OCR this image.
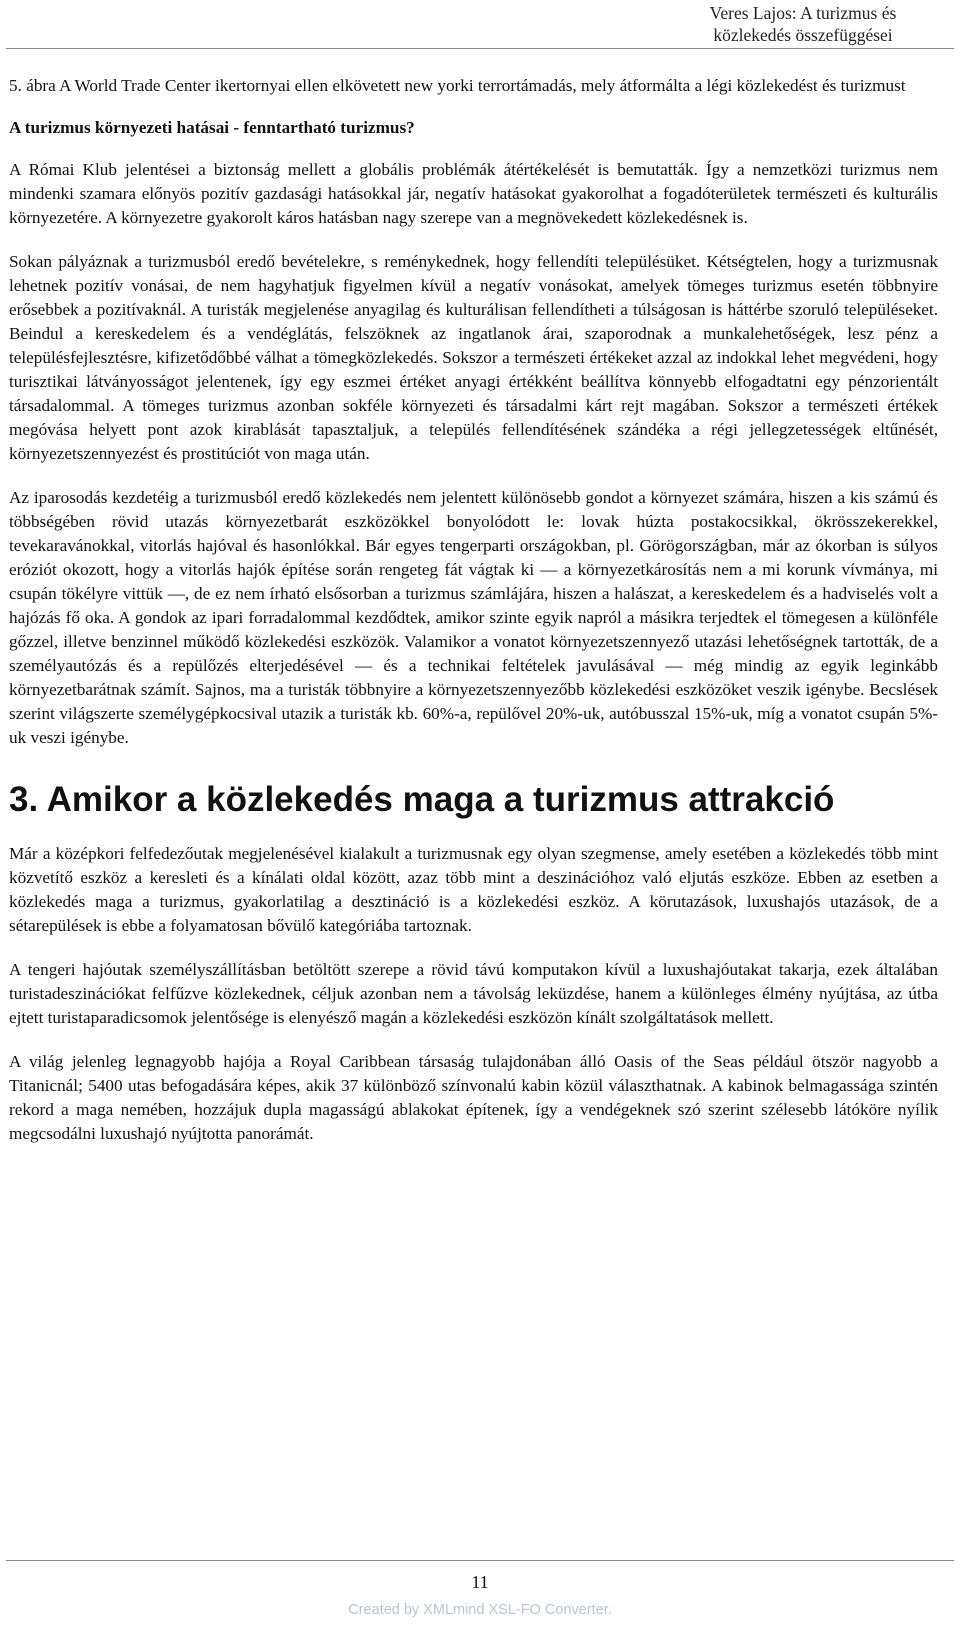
Veres Lajos: A turizmus és
közlekedés összefüggései

5. ábra A World Trade Center ikertornyai ellen elkövetett new yorki terrortámadás, mely átformálta a légi közlekedést és turizmust

A turizmus környezeti hatásai - fenntartható turizmus?

A Római Klub jelentései a biztonság mellett a globális problémák átértékelését is bemutatták. Így a nemzetközi turizmus nem mindenki szamara előnyös pozitív gazdasági hatásokkal jár, negatív hatásokat gyakorolhat a fogadóterületek természeti és kulturális környezetére. A környezetre gyakorolt káros hatásban nagy szerepe van a megnövekedett közlekedésnek is.

Sokan pályáznak a turizmusból eredő bevételekre, s reménykednek, hogy fellendíti településüket. Kétségtelen, hogy a turizmusnak lehetnek pozitív vonásai, de nem hagyhatjuk figyelmen kívül a negatív vonásokat, amelyek tömeges turizmus esetén többnyire erősebbek a pozitívaknál. A turisták megjelenése anyagilag és kulturálisan fellendítheti a túlságosan is háttérbe szoruló településeket. Beindul a kereskedelem és a vendéglátás, felszöknek az ingatlanok árai, szaporodnak a munkalehetőségek, lesz pénz a településfejlesztésre, kifizetődőbbé válhat a tömegközlekedés. Sokszor a természeti értékeket azzal az indokkal lehet megvédeni, hogy turisztikai látványosságot jelentenek, így egy eszmei értéket anyagi értékként beállítva könnyebb elfogadtatni egy pénzorientált társadalommal. A tömeges turizmus azonban sokféle környezeti és társadalmi kárt rejt magában. Sokszor a természeti értékek megóvása helyett pont azok kirablását tapasztaljuk, a település fellendítésének szándéka a régi jellegzetességek eltűnését, környezetszennyezést és prostitúciót von maga után.

Az iparosodás kezdetéig a turizmusból eredő közlekedés nem jelentett különösebb gondot a környezet számára, hiszen a kis számú és többségében rövid utazás környezetbarát eszközökkel bonyolódott le: lovak húzta postakocsikkal, ökrösszekerekkel, tevekaravánokkal, vitorlás hajóval és hasonlókkal. Bár egyes tengerparti országokban, pl. Görögországban, már az ókorban is súlyos eróziót okozott, hogy a vitorlás hajók építése során rengeteg fát vágtak ki — a környezetkárosítás nem a mi korunk vívmánya, mi csupán tökélyre vittük —, de ez nem írható elsősorban a turizmus számlájára, hiszen a halászat, a kereskedelem és a hadviselés volt a hajózás fő oka. A gondok az ipari forradalommal kezdődtek, amikor szinte egyik napról a másikra terjedtek el tömegesen a különféle gőzzel, illetve benzinnel működő közlekedési eszközök. Valamikor a vonatot környezetszennyező utazási lehetőségnek tartották, de a személyautózás és a repülőzés elterjedésével — és a technikai feltételek javulásával — még mindig az egyik leginkább környezetbarátnak számít. Sajnos, ma a turisták többnyire a környezetszennyezőbb közlekedési eszközöket veszik igénybe. Becslések szerint világszerte személygépkocsival utazik a turisták kb. 60%-a, repülővel 20%-uk, autóbusszal 15%-uk, míg a vonatot csupán 5%-uk veszi igénybe.

3. Amikor a közlekedés maga a turizmus attrakció

Már a középkori felfedezőutak megjelenésével kialakult a turizmusnak egy olyan szegmense, amely esetében a közlekedés több mint közvetítő eszköz a keresleti és a kínálati oldal között, azaz több mint a deszinációhoz való eljutás eszköze. Ebben az esetben a közlekedés maga a turizmus, gyakorlatilag a desztináció is a közlekedési eszköz. A körutazások, luxushajós utazások, de a sétarepülések is ebbe a folyamatosan bővülő kategóriába tartoznak.

A tengeri hajóutak személyszállításban betöltött szerepe a rövid távú komputakon kívül a luxushajóutakat takarja, ezek általában turistadeszinációkat felfűzve közlekednek, céljuk azonban nem a távolság leküzdése, hanem a különleges élmény nyújtása, az útba ejtett turistaparadicsomok jelentősége is elenyésző magán a közlekedési eszközön kínált szolgáltatások mellett.

A világ jelenleg legnagyobb hajója a Royal Caribbean társaság tulajdonában álló Oasis of the Seas például ötször nagyobb a Titanicnál; 5400 utas befogadására képes, akik 37 különböző színvonalú kabin közül választhatnak. A kabinok belmagassága szintén rekord a maga nemében, hozzájuk dupla magasságú ablakokat építenek, így a vendégeknek szó szerint szélesebb látóköre nyílik megcsodálni luxushajó nyújtotta panorámát.

11
Created by XMLmind XSL-FO Converter.
